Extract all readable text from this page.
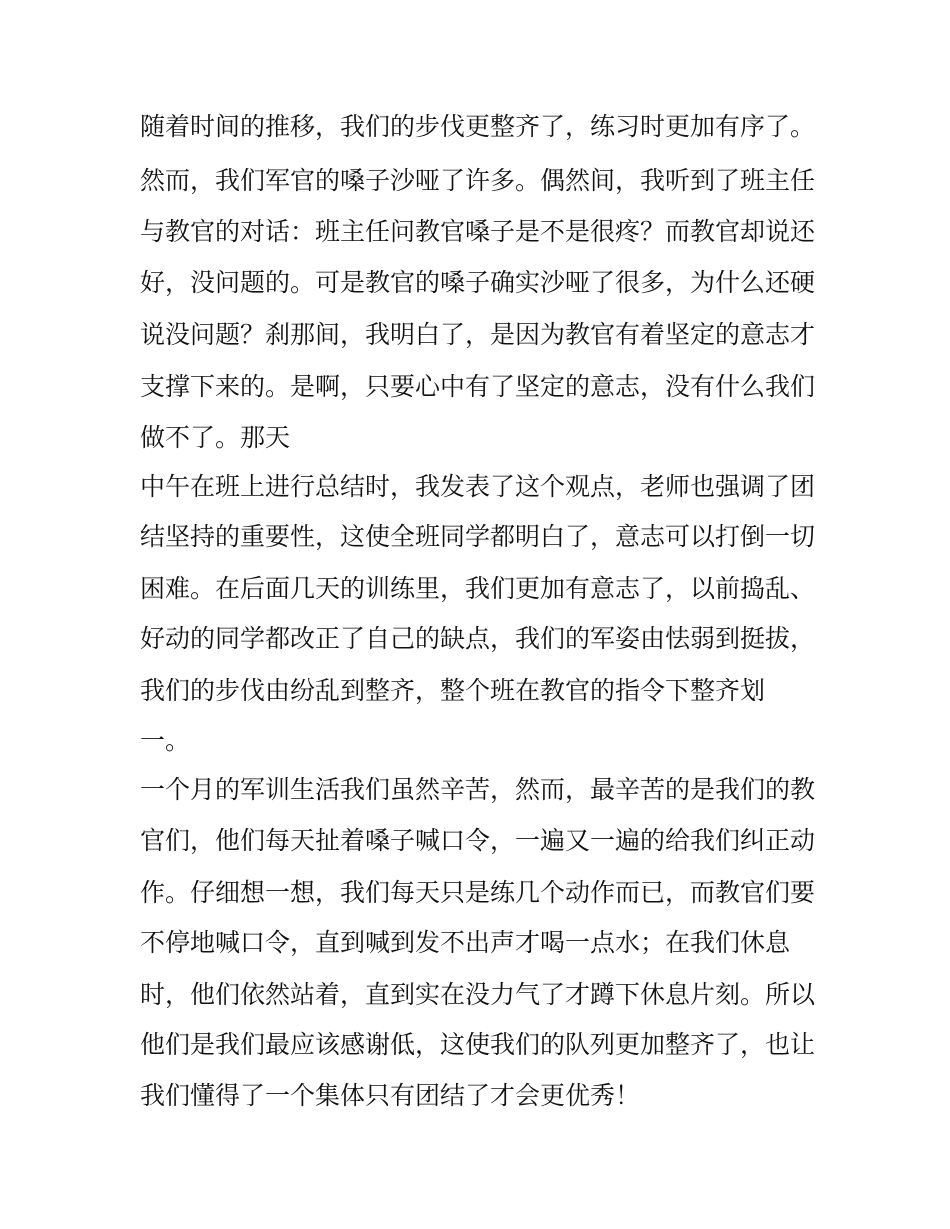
随着时间的推移，我们的步伐更整齐了，练习时更加有序了。
然而，我们军官的嗓子沙哑了许多。偶然间，我听到了班主任
与教官的对话：班主任问教官嗓子是不是很疼？而教官却说还
好，没问题的。可是教官的嗓子确实沙哑了很多，为什么还硬
说没问题？刹那间，我明白了，是因为教官有着坚定的意志才
支撑下来的。是啊，只要心中有了坚定的意志，没有什么我们
做不了。那天
中午在班上进行总结时，我发表了这个观点，老师也强调了团
结坚持的重要性，这使全班同学都明白了，意志可以打倒一切
困难。在后面几天的训练里，我们更加有意志了，以前捣乱、
好动的同学都改正了自己的缺点，我们的军姿由怯弱到挺拔，
我们的步伐由纷乱到整齐，整个班在教官的指令下整齐划
一。
一个月的军训生活我们虽然辛苦，然而，最辛苦的是我们的教
官们，他们每天扯着嗓子喊口令，一遍又一遍的给我们纠正动
作。仔细想一想，我们每天只是练几个动作而已，而教官们要
不停地喊口令，直到喊到发不出声才喝一点水；在我们休息
时，他们依然站着，直到实在没力气了才蹲下休息片刻。所以
他们是我们最应该感谢低，这使我们的队列更加整齐了，也让
我们懂得了一个集体只有团结了才会更优秀！
